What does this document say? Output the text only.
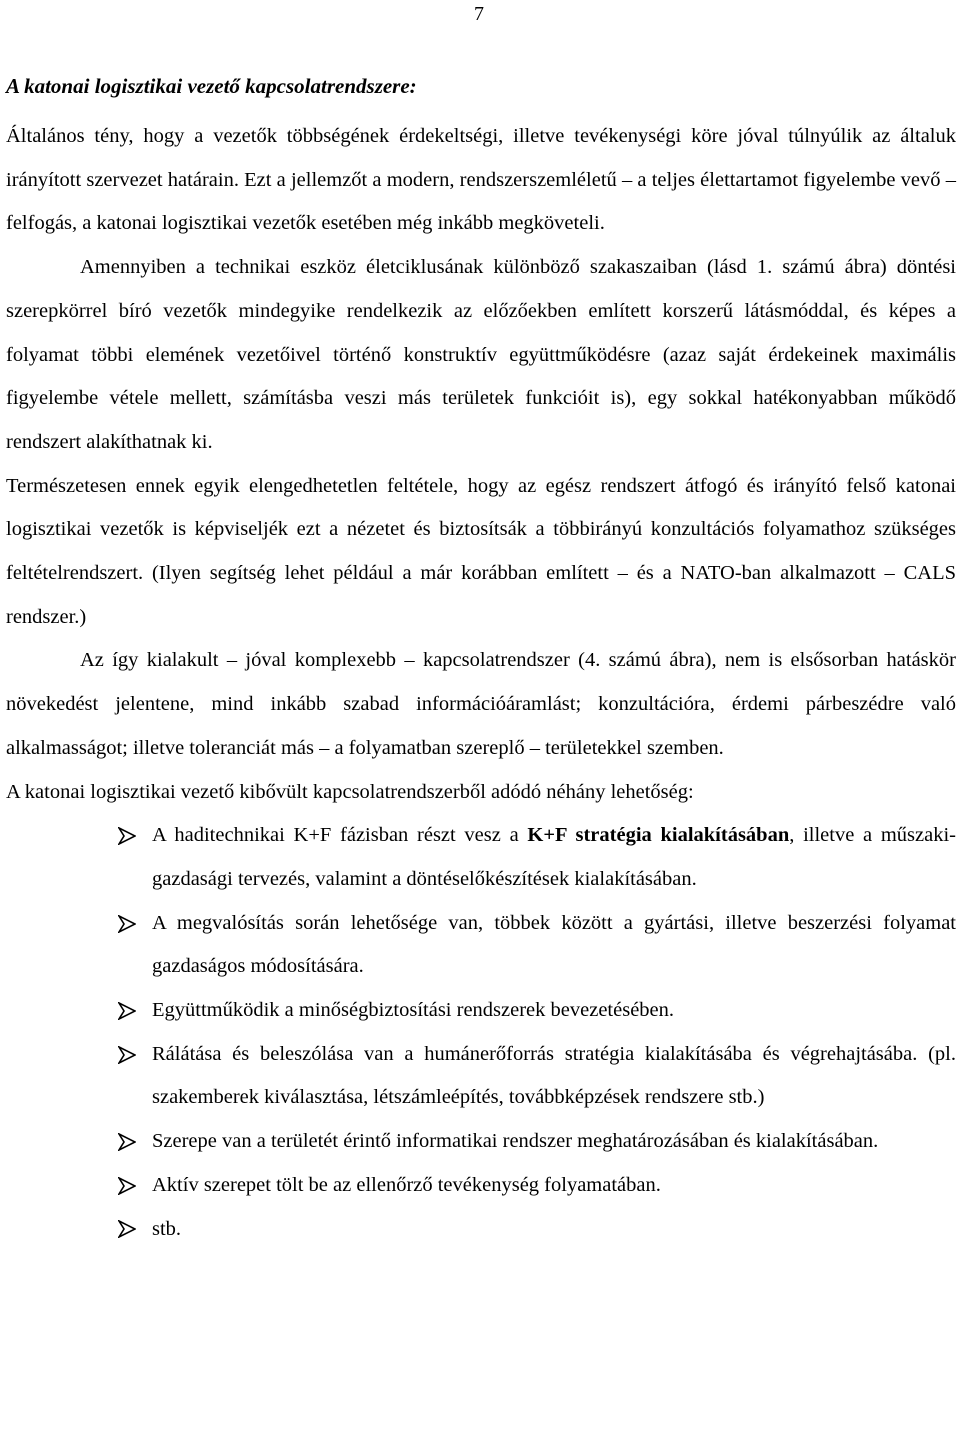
7
A katonai logisztikai vezető kapcsolatrendszere:

Általános tény, hogy a vezetők többségének érdekeltségi, illetve tevékenységi köre jóval túlnyúlik az általuk irányított szervezet határain. Ezt a jellemzőt a modern, rendszerszemléletű – a teljes élettartamot figyelembe vevő – felfogás, a katonai logisztikai vezetők esetében még inkább megköveteli.

Amennyiben a technikai eszköz életciklusának különböző szakaszaiban (lásd 1. számú ábra) döntési szerepkörrel bíró vezetők mindegyike rendelkezik az előzőekben említett korszerű látásmóddal, és képes a folyamat többi elemének vezetőivel történő konstruktív együttműködésre (azaz saját érdekeinek maximális figyelembe vétele mellett, számításba veszi más területek funkcióit is), egy sokkal hatékonyabban működő rendszert alakíthatnak ki.

Természetesen ennek egyik elengedhetetlen feltétele, hogy az egész rendszert átfogó és irányító felső katonai logisztikai vezetők is képviseljék ezt a nézetet és biztosítsák a többirányú konzultációs folyamathoz szükséges feltételrendszert. (Ilyen segítség lehet például a már korábban említett – és a NATO-ban alkalmazott – CALS rendszer.)

Az így kialakult – jóval komplexebb – kapcsolatrendszer (4. számú ábra), nem is elsősorban hatáskör növekedést jelentene, mind inkább szabad információáramlást; konzultációra, érdemi párbeszédre való alkalmasságot; illetve toleranciát más – a folyamatban szereplő – területekkel szemben.

A katonai logisztikai vezető kibővült kapcsolatrendszerből adódó néhány lehetőség:

A haditechnikai K+F fázisban részt vesz a K+F stratégia kialakításában, illetve a műszaki-gazdasági tervezés, valamint a döntéselőkészítések kialakításában.
A megvalósítás során lehetősége van, többek között a gyártási, illetve beszerzési folyamat gazdaságos módosítására.
Együttműködik a minőségbiztosítási rendszerek bevezetésében.
Rálátása és beleszólása van a humánerőforrás stratégia kialakításába és végrehajtásába. (pl. szakemberek kiválasztása, létszámleépítés, továbbképzések rendszere stb.)
Szerepe van a területét érintő informatikai rendszer meghatározásában és kialakításában.
Aktív szerepet tölt be az ellenőrző tevékenység folyamatában.
stb.
